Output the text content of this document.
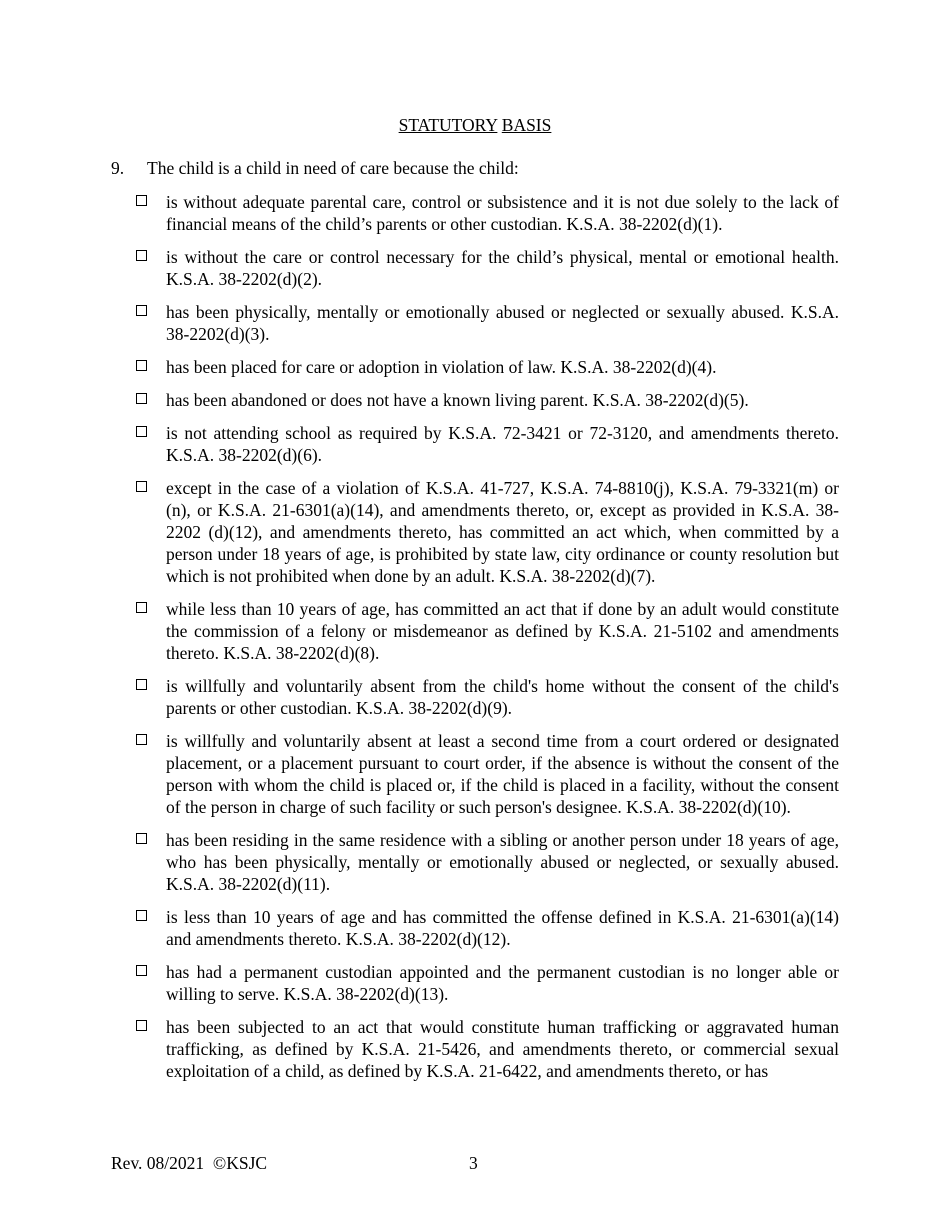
STATUTORY BASIS
9. The child is a child in need of care because the child:
is without adequate parental care, control or subsistence and it is not due solely to the lack of financial means of the child’s parents or other custodian. K.S.A. 38-2202(d)(1).
is without the care or control necessary for the child’s physical, mental or emotional health. K.S.A. 38-2202(d)(2).
has been physically, mentally or emotionally abused or neglected or sexually abused. K.S.A. 38-2202(d)(3).
has been placed for care or adoption in violation of law. K.S.A. 38-2202(d)(4).
has been abandoned or does not have a known living parent. K.S.A. 38-2202(d)(5).
is not attending school as required by K.S.A. 72-3421 or 72-3120, and amendments thereto. K.S.A. 38-2202(d)(6).
except in the case of a violation of K.S.A. 41-727, K.S.A. 74-8810(j), K.S.A. 79-3321(m) or (n), or K.S.A. 21-6301(a)(14), and amendments thereto, or, except as provided in K.S.A. 38-2202 (d)(12), and amendments thereto, has committed an act which, when committed by a person under 18 years of age, is prohibited by state law, city ordinance or county resolution but which is not prohibited when done by an adult. K.S.A. 38-2202(d)(7).
while less than 10 years of age, has committed an act that if done by an adult would constitute the commission of a felony or misdemeanor as defined by K.S.A. 21-5102 and amendments thereto. K.S.A. 38-2202(d)(8).
is willfully and voluntarily absent from the child's home without the consent of the child's parents or other custodian. K.S.A. 38-2202(d)(9).
is willfully and voluntarily absent at least a second time from a court ordered or designated placement, or a placement pursuant to court order, if the absence is without the consent of the person with whom the child is placed or, if the child is placed in a facility, without the consent of the person in charge of such facility or such person's designee. K.S.A. 38-2202(d)(10).
has been residing in the same residence with a sibling or another person under 18 years of age, who has been physically, mentally or emotionally abused or neglected, or sexually abused. K.S.A. 38-2202(d)(11).
is less than 10 years of age and has committed the offense defined in K.S.A. 21-6301(a)(14) and amendments thereto. K.S.A. 38-2202(d)(12).
has had a permanent custodian appointed and the permanent custodian is no longer able or willing to serve. K.S.A. 38-2202(d)(13).
has been subjected to an act that would constitute human trafficking or aggravated human trafficking, as defined by K.S.A. 21-5426, and amendments thereto, or commercial sexual exploitation of a child, as defined by K.S.A. 21-6422, and amendments thereto, or has
Rev. 08/2021  ©KSJC	3
